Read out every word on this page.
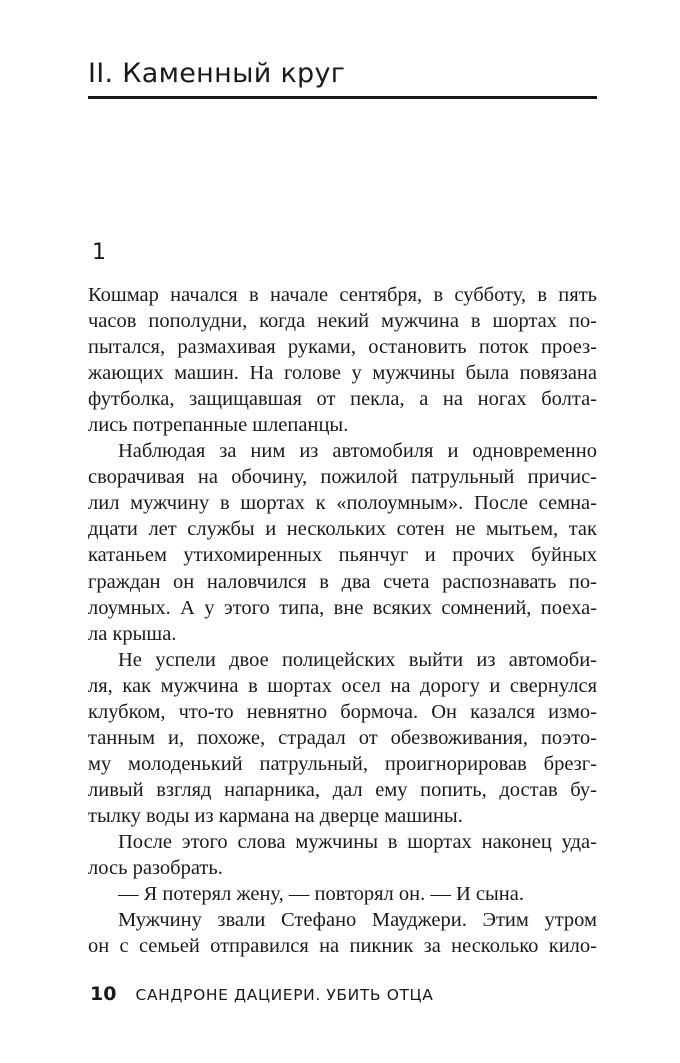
II. Каменный круг
1
Кошмар начался в начале сентября, в субботу, в пять
часов пополудни, когда некий мужчина в шортах по-
пытался, размахивая руками, остановить поток проез-
жающих машин. На голове у мужчины была повязана
футболка, защищавшая от пекла, а на ногах болта-
лись потрепанные шлепанцы.
Наблюдая за ним из автомобиля и одновременно
сворачивая на обочину, пожилой патрульный причис-
лил мужчину в шортах к «полоумным». После семна-
дцати лет службы и нескольких сотен не мытьем, так
катаньем утихомиренных пьянчуг и прочих буйных
граждан он наловчился в два счета распознавать по-
лоумных. А у этого типа, вне всяких сомнений, поеха-
ла крыша.
Не успели двое полицейских выйти из автомоби-
ля, как мужчина в шортах осел на дорогу и свернулся
клубком, что-то невнятно бормоча. Он казался измо-
танным и, похоже, страдал от обезвоживания, поэто-
му молоденький патрульный, проигнорировав брезг-
ливый взгляд напарника, дал ему попить, достав бу-
тылку воды из кармана на дверце машины.
После этого слова мужчины в шортах наконец уда-
лось разобрать.
— Я потерял жену, — повторял он. — И сына.
Мужчину звали Стефано Мауджери. Этим утром
он с семьей отправился на пикник за несколько кило-
10 САНДРОНЕ ДАЦИЕРИ. УБИТЬ ОТЦА
